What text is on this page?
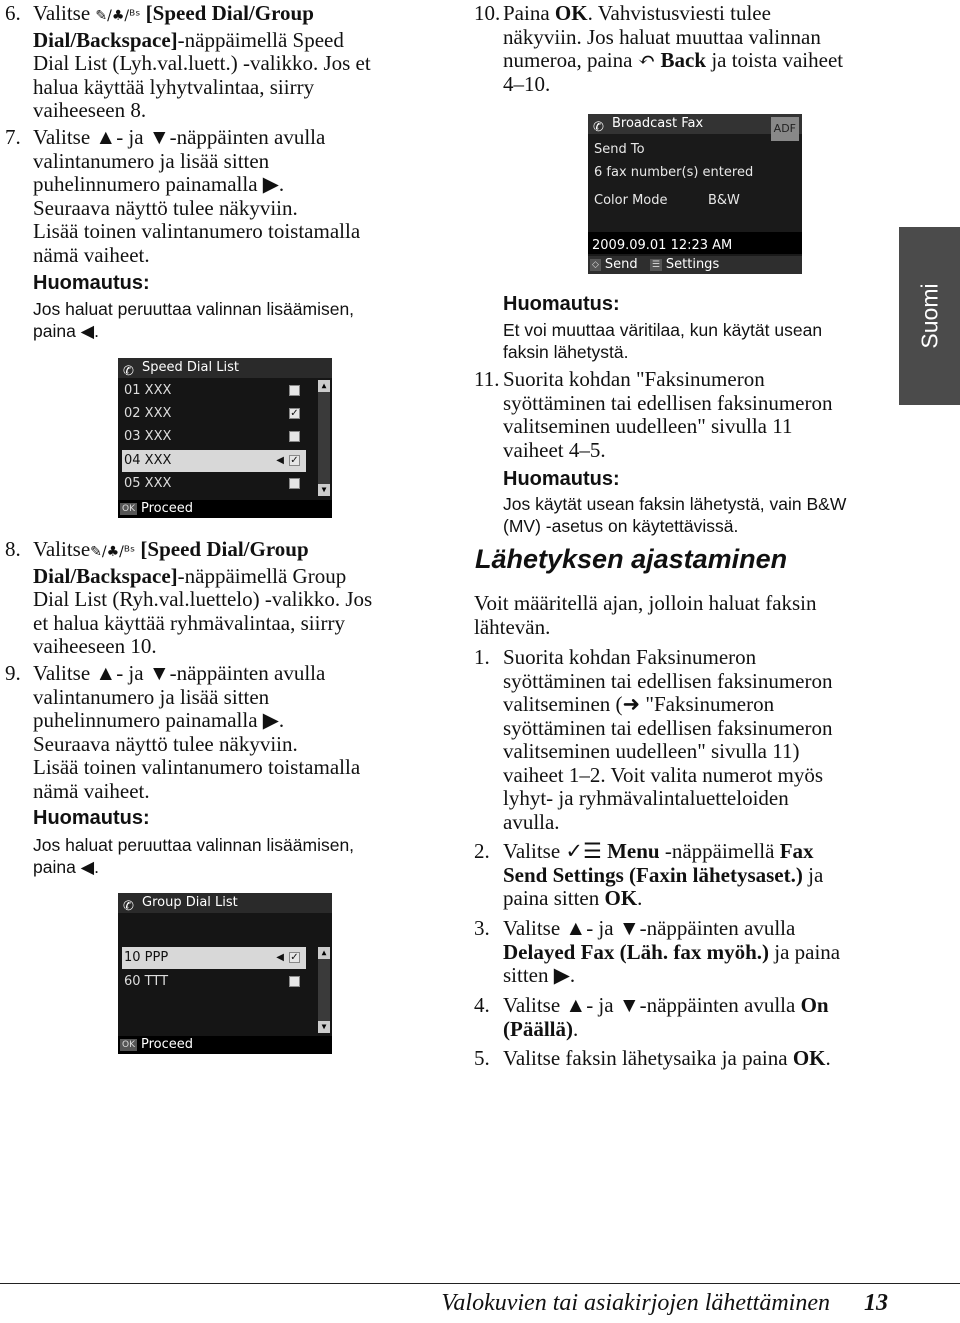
6. Valitse ✎/♣/ᴮˢ [Speed Dial/Group
Dial/Backspace]-näppäimellä Speed
Dial List (Lyh.val.luett.) -valikko. Jos et
halua käyttää lyhytvalintaa, siirry
vaiheeseen 8.
7. Valitse ▲- ja ▼-näppäinten avulla
valintanumero ja lisää sitten
puhelinnumero painamalla ▶.
Seuraava näyttö tulee näkyviin.
Lisää toinen valintanumero toistamalla
nämä vaiheet.
Huomautus:
Jos haluat peruuttaa valinnan lisäämisen,
paina ◀.
Speed Dial List
✆
01 XXX
02 XXX	✓
03 XXX
04 XXX	◀ ✓
05 XXX
▲
▼
OK Proceed
8. Valitse✎/♣/ᴮˢ [Speed Dial/Group
Dial/Backspace]-näppäimellä Group
Dial List (Ryh.val.luettelo) -valikko. Jos
et halua käyttää ryhmävalintaa, siirry
vaiheeseen 10.
9. Valitse ▲- ja ▼-näppäinten avulla
valintanumero ja lisää sitten
puhelinnumero painamalla ▶.
Seuraava näyttö tulee näkyviin.
Lisää toinen valintanumero toistamalla
nämä vaiheet.
Huomautus:
Jos haluat peruuttaa valinnan lisäämisen,
paina ◀.
Group Dial List
✆
10 PPP	◀ ✓
60 TTT
▲
▼
OK Proceed
10. Paina OK. Vahvistusviesti tulee
näkyviin. Jos haluat muuttaa valinnan
numeroa, paina ↶ Back ja toista vaiheet
4–10.
Broadcast Fax
✆	ADF
Send To
6 fax number(s) entered
Color Mode	B&W
2009.09.01 12:23 AM
◇ Send ☰ Settings
Huomautus:
Et voi muuttaa väritilaa, kun käytät usean
faksin lähetystä.
11. Suorita kohdan "Faksinumeron
syöttäminen tai edellisen faksinumeron
valitseminen uudelleen" sivulla 11
vaiheet 4–5.
Huomautus:
Jos käytät usean faksin lähetystä, vain B&W
(MV) -asetus on käytettävissä.
Lähetyksen ajastaminen
Voit määritellä ajan, jolloin haluat faksin
lähtevän.
1. Suorita kohdan Faksinumeron
syöttäminen tai edellisen faksinumeron
valitseminen (➜ "Faksinumeron
syöttäminen tai edellisen faksinumeron
valitseminen uudelleen" sivulla 11)
vaiheet 1–2. Voit valita numerot myös
lyhyt- ja ryhmävalintaluetteloiden
avulla.
2. Valitse ✓☰ Menu -näppäimellä Fax
Send Settings (Faxin lähetysaset.) ja
paina sitten OK.
3. Valitse ▲- ja ▼-näppäinten avulla
Delayed Fax (Läh. fax myöh.) ja paina
sitten ▶.
4. Valitse ▲- ja ▼-näppäinten avulla On
(Päällä).
5. Valitse faksin lähetysaika ja paina OK.
Suomi
Valokuvien tai asiakirjojen lähettäminen 13
